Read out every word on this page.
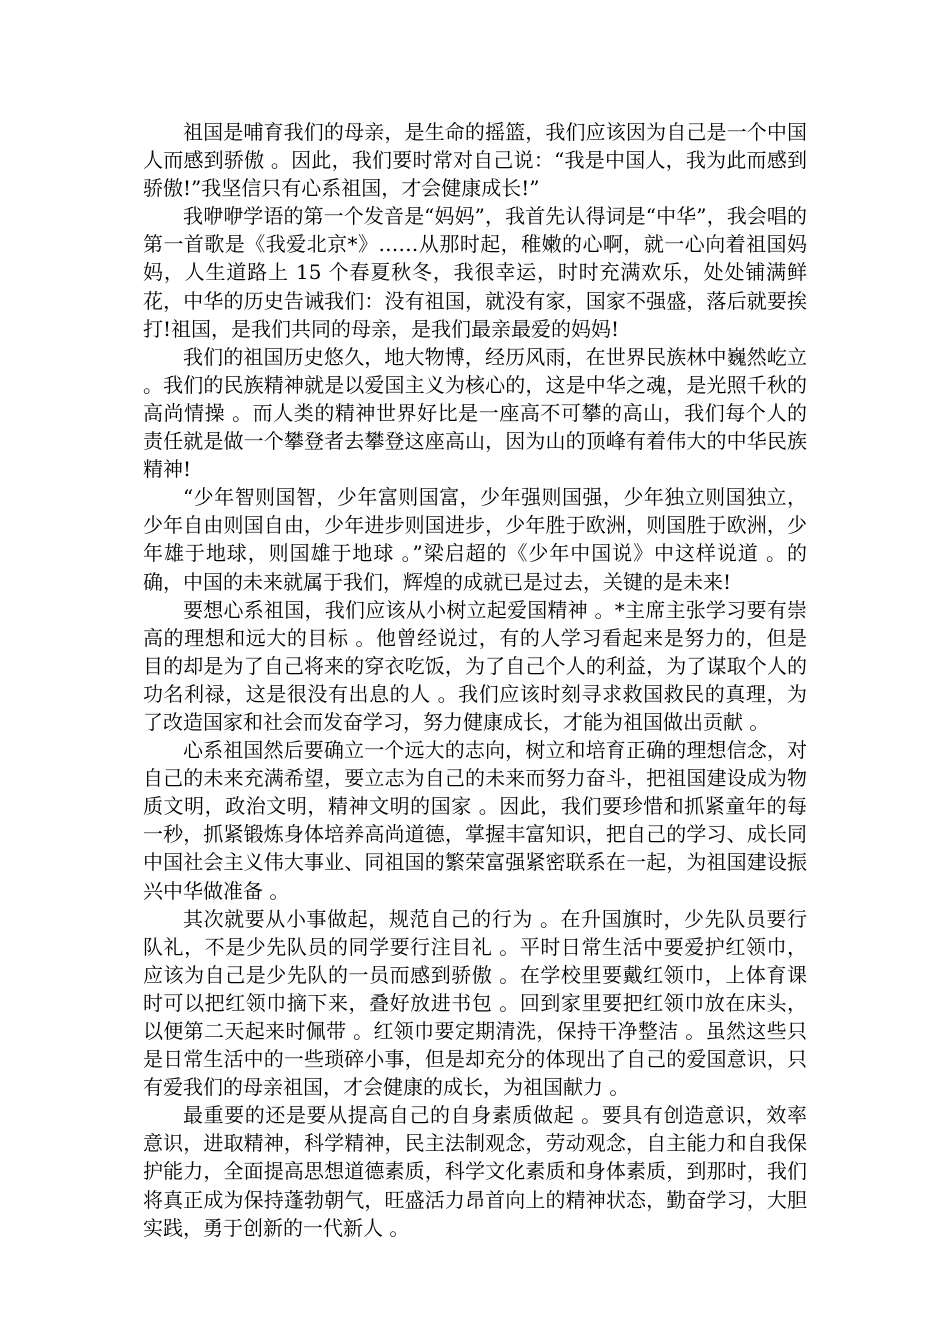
祖国是哺育我们的母亲，是生命的摇篮，我们应该因为自己是一个中国人而感到骄傲 。因此，我们要时常对自己说：“我是中国人，我为此而感到骄傲!”我坚信只有心系祖国，才会健康成长!”

我咿咿学语的第一个发音是“妈妈”，我首先认得词是“中华”，我会唱的第一首歌是《我爱北京*》……从那时起，稚嫩的心啊，就一心向着祖国妈妈，人生道路上 15 个春夏秋冬，我很幸运，时时充满欢乐，处处铺满鲜花，中华的历史告诫我们：没有祖国，就没有家，国家不强盛，落后就要挨打!祖国，是我们共同的母亲，是我们最亲最爱的妈妈!

我们的祖国历史悠久，地大物博，经历风雨，在世界民族林中巍然屹立 。我们的民族精神就是以爱国主义为核心的，这是中华之魂，是光照千秋的高尚情操 。而人类的精神世界好比是一座高不可攀的高山，我们每个人的责任就是做一个攀登者去攀登这座高山，因为山的顶峰有着伟大的中华民族精神!

“少年智则国智，少年富则国富，少年强则国强，少年独立则国独立，少年自由则国自由，少年进步则国进步，少年胜于欧洲，则国胜于欧洲，少年雄于地球，则国雄于地球 。”梁启超的《少年中国说》中这样说道 。的确，中国的未来就属于我们，辉煌的成就已是过去，关键的是未来!

要想心系祖国，我们应该从小树立起爱国精神 。*主席主张学习要有崇高的理想和远大的目标 。他曾经说过，有的人学习看起来是努力的，但是目的却是为了自己将来的穿衣吃饭，为了自己个人的利益，为了谋取个人的功名利禄，这是很没有出息的人 。我们应该时刻寻求救国救民的真理，为了改造国家和社会而发奋学习，努力健康成长，才能为祖国做出贡献 。

心系祖国然后要确立一个远大的志向，树立和培育正确的理想信念，对自己的未来充满希望，要立志为自己的未来而努力奋斗，把祖国建设成为物质文明，政治文明，精神文明的国家 。因此，我们要珍惜和抓紧童年的每一秒，抓紧锻炼身体培养高尚道德，掌握丰富知识，把自己的学习、成长同中国社会主义伟大事业、同祖国的繁荣富强紧密联系在一起，为祖国建设振兴中华做准备 。

其次就要从小事做起，规范自己的行为 。在升国旗时，少先队员要行队礼，不是少先队员的同学要行注目礼 。平时日常生活中要爱护红领巾，应该为自己是少先队的一员而感到骄傲 。在学校里要戴红领巾，上体育课时可以把红领巾摘下来，叠好放进书包 。回到家里要把红领巾放在床头，以便第二天起来时佩带 。红领巾要定期清洗，保持干净整洁 。虽然这些只是日常生活中的一些琐碎小事，但是却充分的体现出了自己的爱国意识，只有爱我们的母亲祖国，才会健康的成长，为祖国献力 。

最重要的还是要从提高自己的自身素质做起 。要具有创造意识，效率意识，进取精神，科学精神，民主法制观念，劳动观念，自主能力和自我保护能力，全面提高思想道德素质，科学文化素质和身体素质，到那时，我们将真正成为保持蓬勃朝气，旺盛活力昂首向上的精神状态，勤奋学习，大胆实践，勇于创新的一代新人 。
